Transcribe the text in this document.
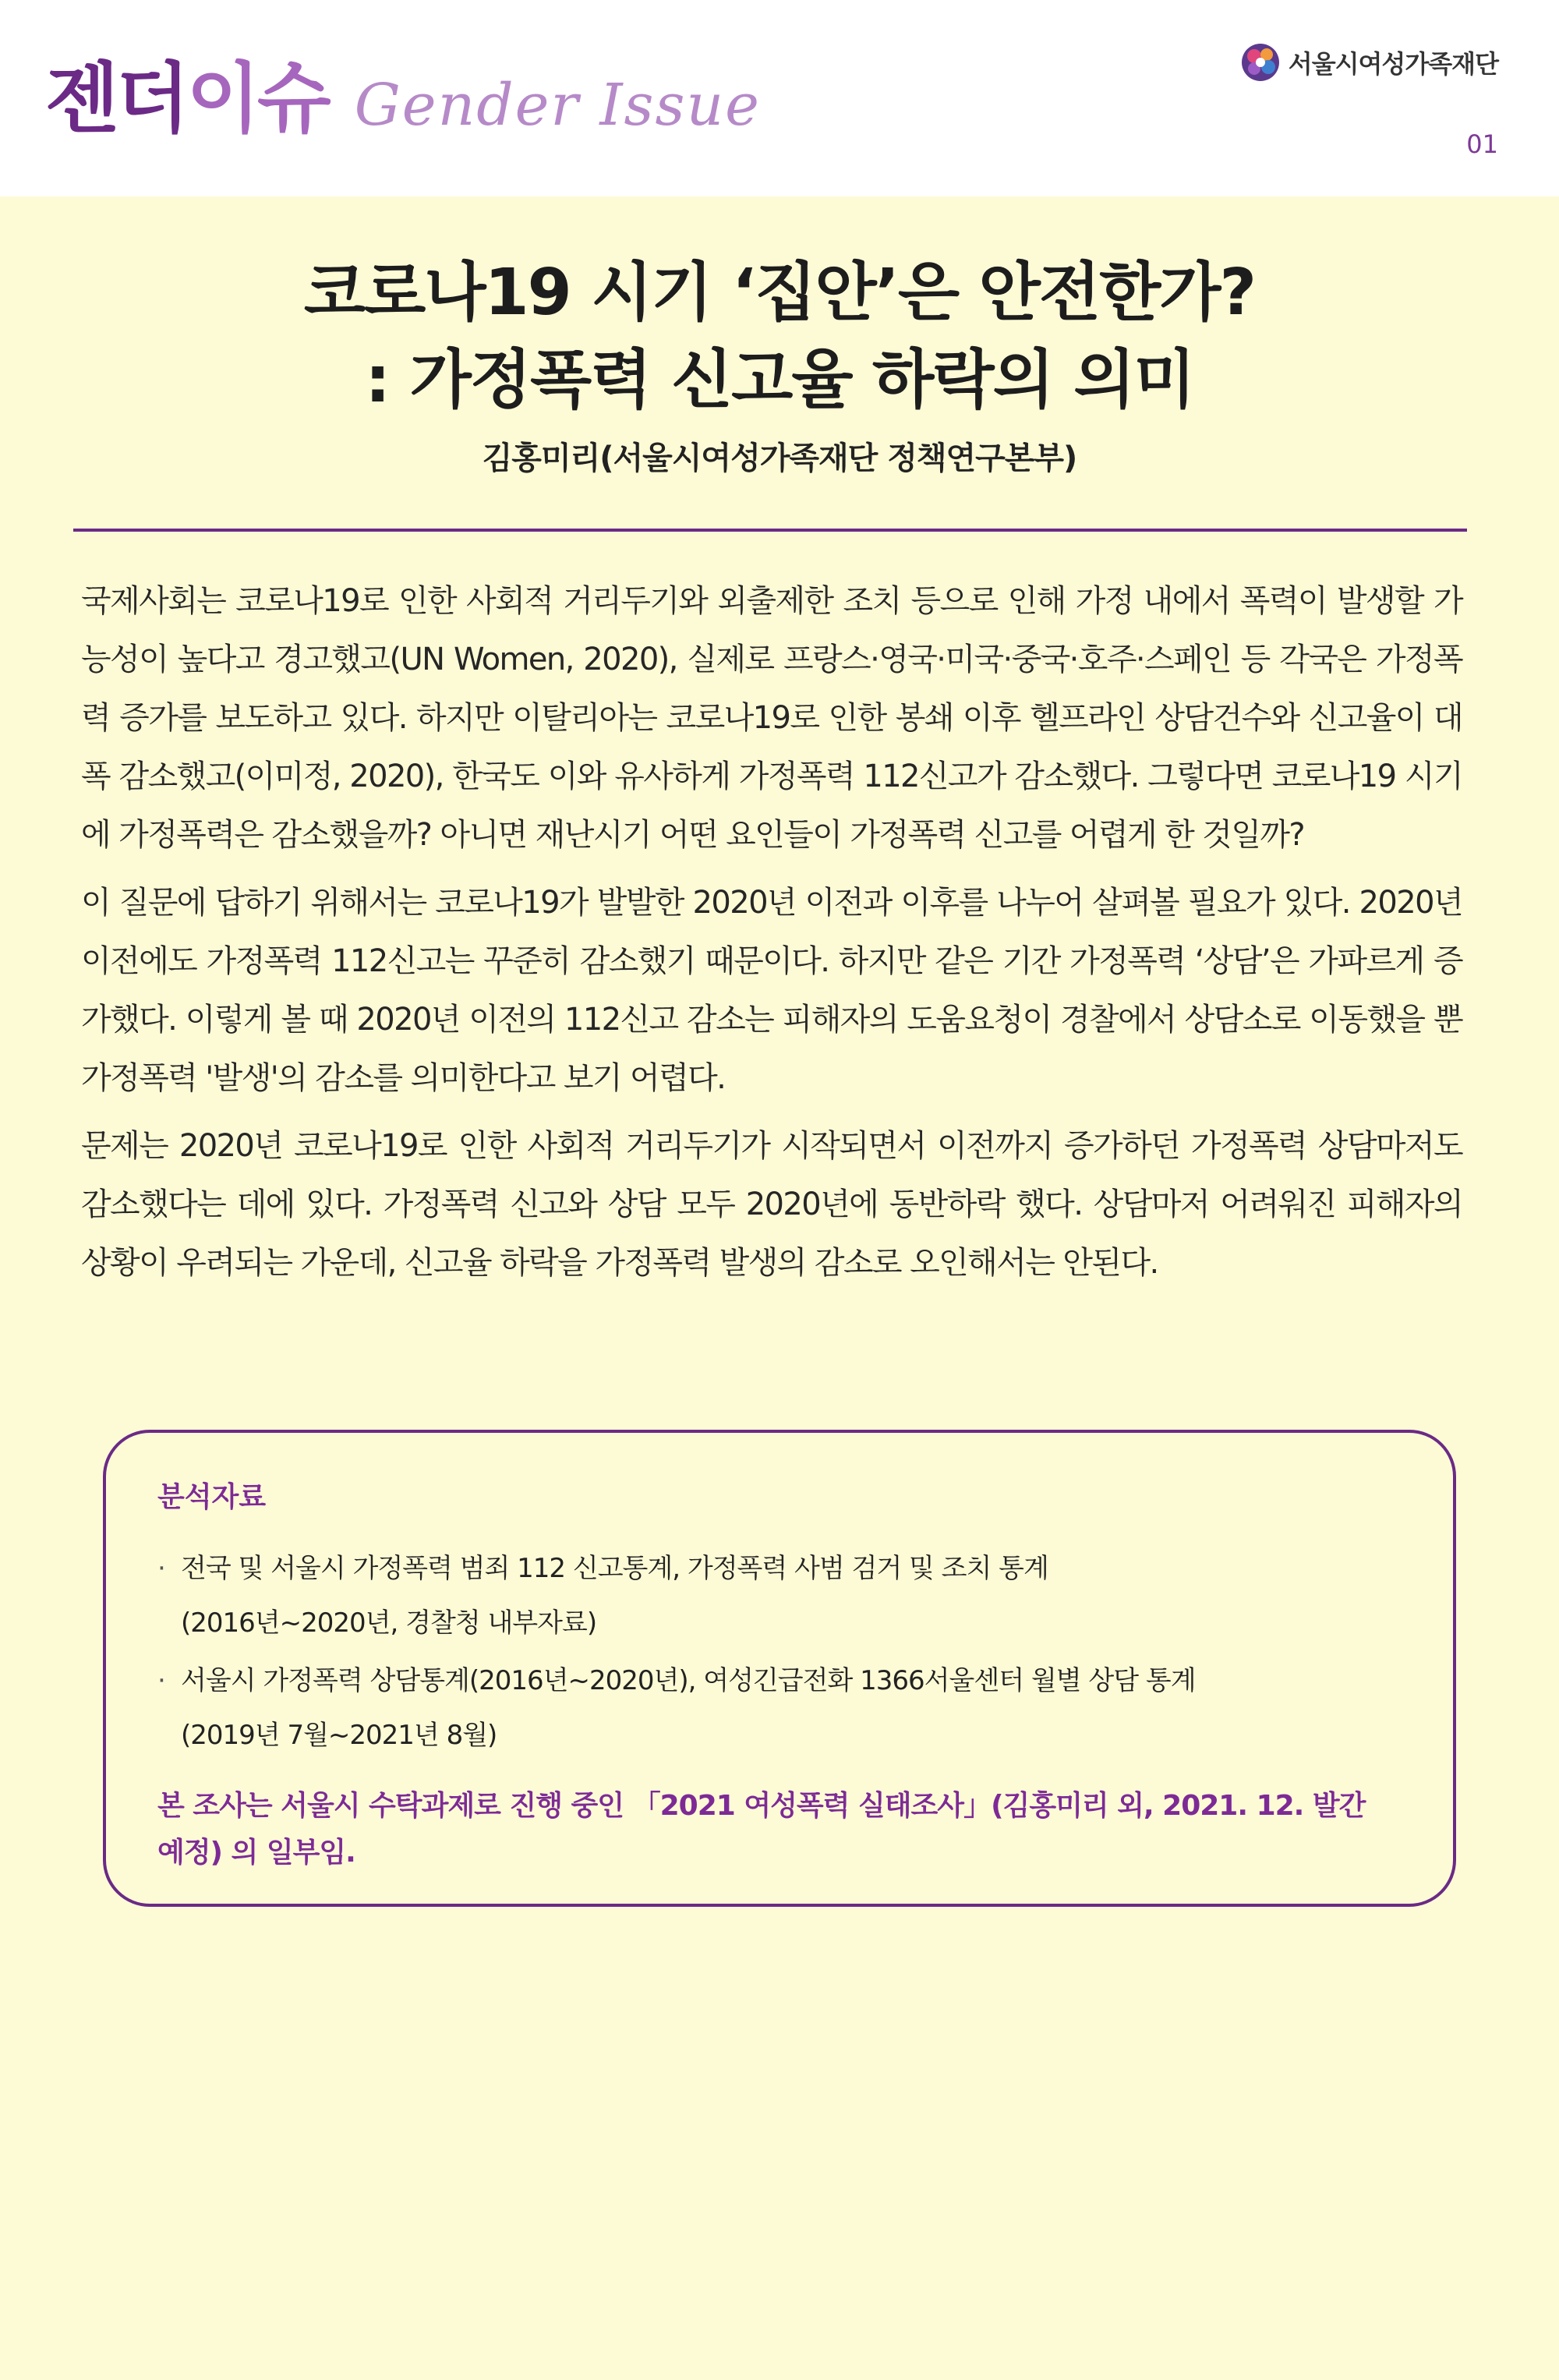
젠더이슈 Gender Issue
서울시여성가족재단
01
코로나19 시기 ‘집안’은 안전한가?
: 가정폭력 신고율 하락의 의미
김홍미리(서울시여성가족재단 정책연구본부)

국제사회는 코로나19로 인한 사회적 거리두기와 외출제한 조치 등으로 인해 가정 내에서 폭력이 발생할 가능성이 높다고 경고했고(UN Women, 2020), 실제로 프랑스·영국·미국·중국·호주·스페인 등 각국은 가정폭력 증가를 보도하고 있다. 하지만 이탈리아는 코로나19로 인한 봉쇄 이후 헬프라인 상담건수와 신고율이 대폭 감소했고(이미정, 2020), 한국도 이와 유사하게 가정폭력 112신고가 감소했다. 그렇다면 코로나19 시기에 가정폭력은 감소했을까? 아니면 재난시기 어떤 요인들이 가정폭력 신고를 어렵게 한 것일까?

이 질문에 답하기 위해서는 코로나19가 발발한 2020년 이전과 이후를 나누어 살펴볼 필요가 있다. 2020년 이전에도 가정폭력 112신고는 꾸준히 감소했기 때문이다. 하지만 같은 기간 가정폭력 ‘상담’은 가파르게 증가했다. 이렇게 볼 때 2020년 이전의 112신고 감소는 피해자의 도움요청이 경찰에서 상담소로 이동했을 뿐 가정폭력 '발생'의 감소를 의미한다고 보기 어렵다.

문제는 2020년 코로나19로 인한 사회적 거리두기가 시작되면서 이전까지 증가하던 가정폭력 상담마저도 감소했다는 데에 있다. 가정폭력 신고와 상담 모두 2020년에 동반하락 했다. 상담마저 어려워진 피해자의 상황이 우려되는 가운데, 신고율 하락을 가정폭력 발생의 감소로 오인해서는 안된다.

분석자료
· 전국 및 서울시 가정폭력 범죄 112 신고통계, 가정폭력 사범 검거 및 조치 통계
(2016년~2020년, 경찰청 내부자료)
· 서울시 가정폭력 상담통계(2016년~2020년), 여성긴급전화 1366서울센터 월별 상담 통계
(2019년 7월~2021년 8월)
본 조사는 서울시 수탁과제로 진행 중인 「2021 여성폭력 실태조사」(김홍미리 외, 2021. 12. 발간 예정) 의 일부임.
